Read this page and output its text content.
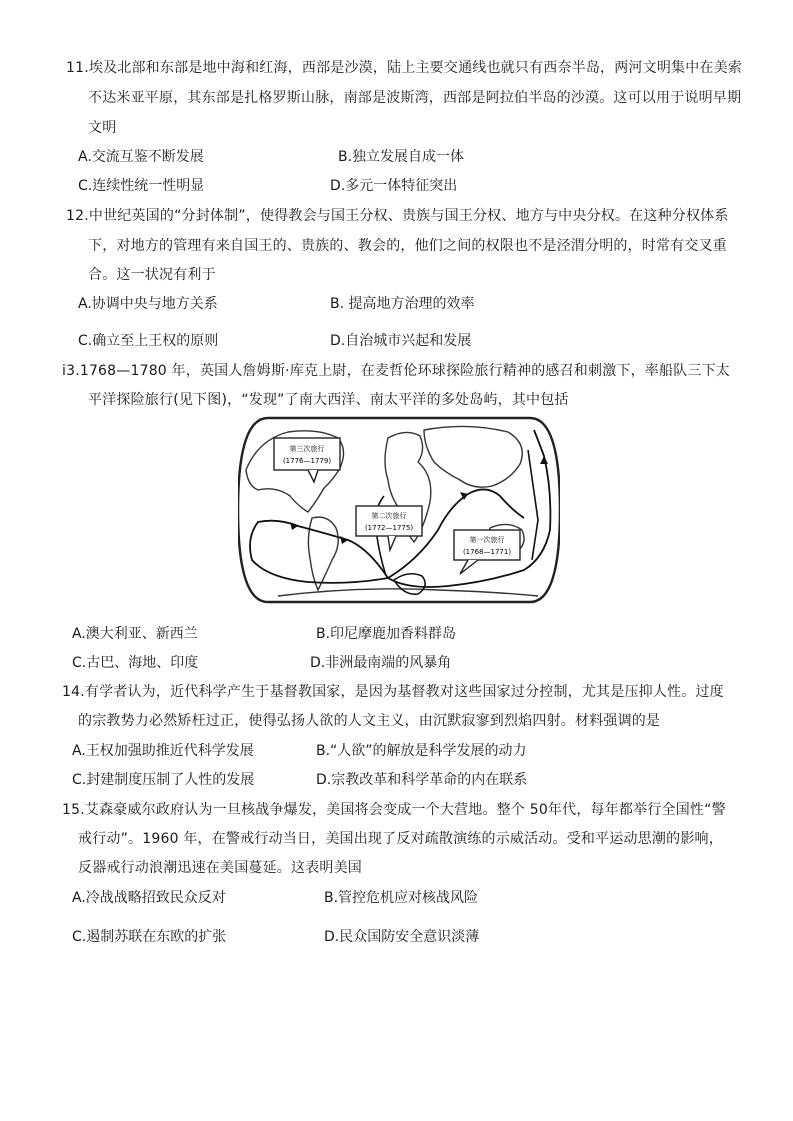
11.埃及北部和东部是地中海和红海，西部是沙漠，陆上主要交通线也就只有西奈半岛，两河文明集中在美索
不达米亚平原，其东部是扎格罗斯山脉，南部是波斯湾，西部是阿拉伯半岛的沙漠。这可以用于说明早期
文明
A.交流互鉴不断发展	B.独立发展自成一体
C.连续性统一性明显	D.多元一体特征突出
12.中世纪英国的“分封体制”，使得教会与国王分权、贵族与国王分权、地方与中央分权。在这种分权体系
下，对地方的管理有来自国王的、贵族的、教会的，他们之间的权限也不是泾渭分明的，时常有交叉重
合。这一状况有利于
A.协调中央与地方关系	B. 提高地方治理的效率
C.确立至上王权的原则	D.自治城市兴起和发展
i3.1768—1780 年，英国人詹姆斯·库克上尉，在麦哲伦环球探险旅行精神的感召和刺激下，率船队三下太
平洋探险旅行(见下图)，“发现”了南大西洋、南太平洋的多处岛屿，其中包括
第三次旅行
(1776—1779)
第二次旅行
(1772—1775)
第一次旅行
(1768—1771)
A.澳大利亚、新西兰	B.印尼摩鹿加香料群岛
C.古巴、海地、印度	D.非洲最南端的风暴角
14.有学者认为，近代科学产生于基督教国家，是因为基督教对这些国家过分控制，尤其是压抑人性。过度
的宗教势力必然矫枉过正，使得弘扬人欲的人文主义，由沉默寂寥到烈焰四射。材料强调的是
A.王权加强助推近代科学发展	B.“人欲”的解放是科学发展的动力
C.封建制度压制了人性的发展	D.宗教改革和科学革命的内在联系
15.艾森豪威尔政府认为一旦核战争爆发，美国将会变成一个大营地。整个 50年代，每年都举行全国性“警
戒行动”。1960 年，在警戒行动当日，美国出现了反对疏散演练的示威活动。受和平运动思潮的影响，
反器戒行动浪潮迅速在美国蔓延。这表明美国
A.冷战战略招致民众反对	B.管控危机应对核战风险
C.遏制苏联在东欧的扩张	D.民众国防安全意识淡薄
